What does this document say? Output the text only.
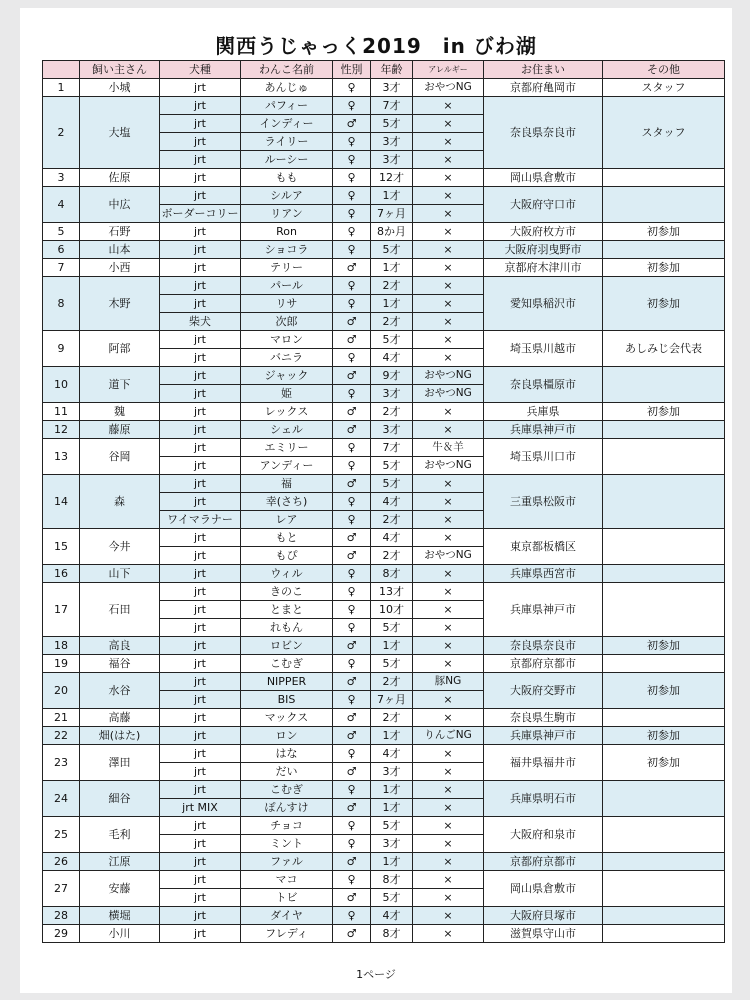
関西うじゃっく2019　in びわ湖
	飼い主さん	犬種	わんこ名前	性別	年齢	アレルギー	お住まい	その他
1	小城	jrt	あんじゅ	♀	3才	おやつNG	京都府亀岡市	スタッフ
2	大塩	jrt	パフィー	♀	7才	×	奈良県奈良市	スタッフ
		jrt	インディー	♂	5才	×		
		jrt	ライリー	♀	3才	×		
		jrt	ルーシー	♀	3才	×		
3	佐原	jrt	もも	♀	12才	×	岡山県倉敷市	
4	中広	jrt	シルア	♀	1才	×	大阪府守口市	
		ボーダーコリー	リアン	♀	7ヶ月	×		
5	石野	jrt	Ron	♀	8か月	×	大阪府枚方市	初参加
6	山本	jrt	ショコラ	♀	5才	×	大阪府羽曳野市	
7	小西	jrt	テリー	♂	1才	×	京都府木津川市	初参加
8	木野	jrt	パール	♀	2才	×	愛知県稲沢市	初参加
		jrt	リサ	♀	1才	×		
		柴犬	次郎	♂	2才	×		
9	阿部	jrt	マロン	♂	5才	×	埼玉県川越市	あしみじ会代表
		jrt	バニラ	♀	4才	×		
10	道下	jrt	ジャック	♂	9才	おやつNG	奈良県橿原市	
		jrt	姫	♀	3才	おやつNG		
11	魏	jrt	レックス	♂	2才	×	兵庫県	初参加
12	藤原	jrt	シェル	♂	3才	×	兵庫県神戸市	
13	谷岡	jrt	エミリー	♀	7才	牛＆羊	埼玉県川口市	
		jrt	アンディー	♀	5才	おやつNG		
14	森	jrt	福	♂	5才	×	三重県松阪市	
		jrt	幸(さち)	♀	4才	×		
		ワイマラナー	レア	♀	2才	×		
15	今井	jrt	もと	♂	4才	×	東京都板橋区	
		jrt	もぴ	♂	2才	おやつNG		
16	山下	jrt	ウィル	♀	8才	×	兵庫県西宮市	
17	石田	jrt	きのこ	♀	13才	×	兵庫県神戸市	
		jrt	とまと	♀	10才	×		
		jrt	れもん	♀	5才	×		
18	高良	jrt	ロビン	♂	1才	×	奈良県奈良市	初参加
19	福谷	jrt	こむぎ	♀	5才	×	京都府京都市	
20	水谷	jrt	NIPPER	♂	2才	豚NG	大阪府交野市	初参加
		jrt	BIS	♀	7ヶ月	×		
21	高藤	jrt	マックス	♂	2才	×	奈良県生駒市	
22	畑(はた)	jrt	ロン	♂	1才	りんごNG	兵庫県神戸市	初参加
23	澤田	jrt	はな	♀	4才	×	福井県福井市	初参加
		jrt	だい	♂	3才	×		
24	細谷	jrt	こむぎ	♀	1才	×	兵庫県明石市	
		jrt MIX	ぽんすけ	♂	1才	×		
25	毛利	jrt	チョコ	♀	5才	×	大阪府和泉市	
		jrt	ミント	♀	3才	×		
26	江原	jrt	ファル	♂	1才	×	京都府京都市	
27	安藤	jrt	マコ	♀	8才	×	岡山県倉敷市	
		jrt	トビ	♂	5才	×		
28	横堀	jrt	ダイヤ	♀	4才	×	大阪府貝塚市	
29	小川	jrt	フレディ	♂	8才	×	滋賀県守山市	
1ページ
